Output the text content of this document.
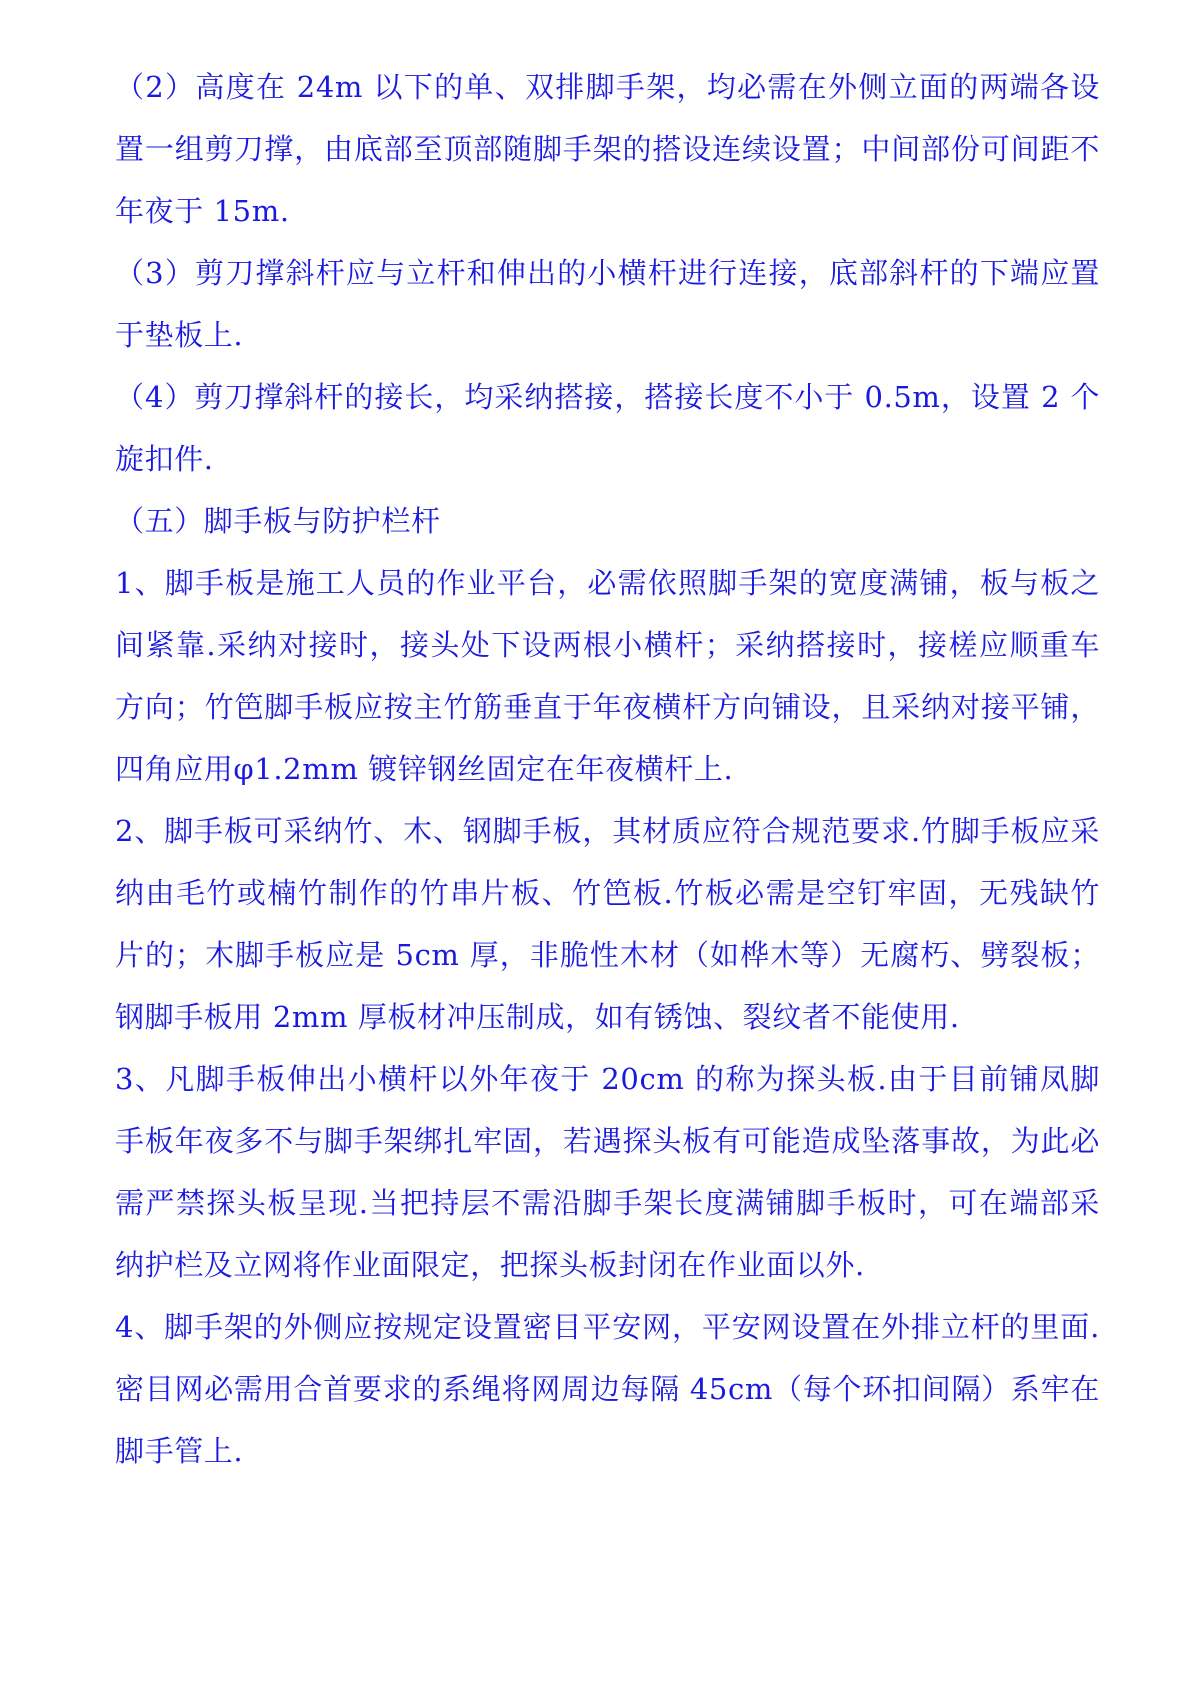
（2）高度在 24m 以下的单、双排脚手架，均必需在外侧立面的两端各设置一组剪刀撑，由底部至顶部随脚手架的搭设连续设置；中间部份可间距不年夜于 15m.

（3）剪刀撑斜杆应与立杆和伸出的小横杆进行连接，底部斜杆的下端应置于垫板上.

（4）剪刀撑斜杆的接长，均采纳搭接，搭接长度不小于 0.5m，设置 2 个旋扣件.

（五）脚手板与防护栏杆

1、脚手板是施工人员的作业平台，必需依照脚手架的宽度满铺，板与板之间紧靠.采纳对接时，接头处下设两根小横杆；采纳搭接时，接槎应顺重车方向；竹笆脚手板应按主竹筋垂直于年夜横杆方向铺设，且采纳对接平铺，四角应用φ1.2mm 镀锌钢丝固定在年夜横杆上.

2、脚手板可采纳竹、木、钢脚手板，其材质应符合规范要求.竹脚手板应采纳由毛竹或楠竹制作的竹串片板、竹笆板.竹板必需是空钉牢固，无残缺竹片的；木脚手板应是 5cm 厚，非脆性木材（如桦木等）无腐朽、劈裂板；钢脚手板用 2mm 厚板材冲压制成，如有锈蚀、裂纹者不能使用.

3、凡脚手板伸出小横杆以外年夜于 20cm 的称为探头板.由于目前铺凤脚手板年夜多不与脚手架绑扎牢固，若遇探头板有可能造成坠落事故，为此必需严禁探头板呈现.当把持层不需沿脚手架长度满铺脚手板时，可在端部采纳护栏及立网将作业面限定，把探头板封闭在作业面以外.

4、脚手架的外侧应按规定设置密目平安网，平安网设置在外排立杆的里面.密目网必需用合首要求的系绳将网周边每隔 45cm（每个环扣间隔）系牢在脚手管上.
